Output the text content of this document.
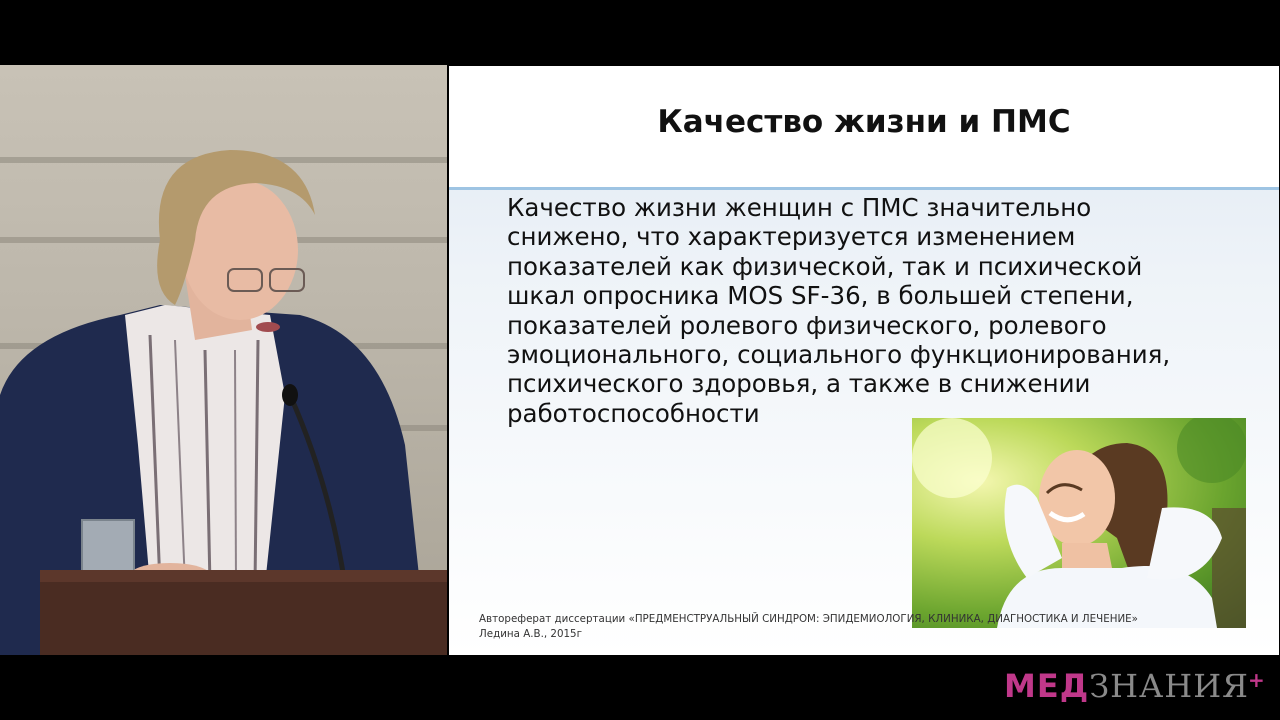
Качество жизни и ПМС
Качество жизни женщин с ПМС значительно
снижено, что характеризуется изменением
показателей как физической, так и психической
шкал опросника MOS SF-36, в большей степени,
показателей ролевого физического, ролевого
эмоционального, социального функционирования,
психического здоровья, а также в снижении
работоспособности
Автореферат диссертации «ПРЕДМЕНСТРУАЛЬНЫЙ СИНДРОМ: ЭПИДЕМИОЛОГИЯ, КЛИНИКА, ДИАГНОСТИКА И ЛЕЧЕНИЕ»
Ледина А.В., 2015г
МЕДЗНАНИЯ +
